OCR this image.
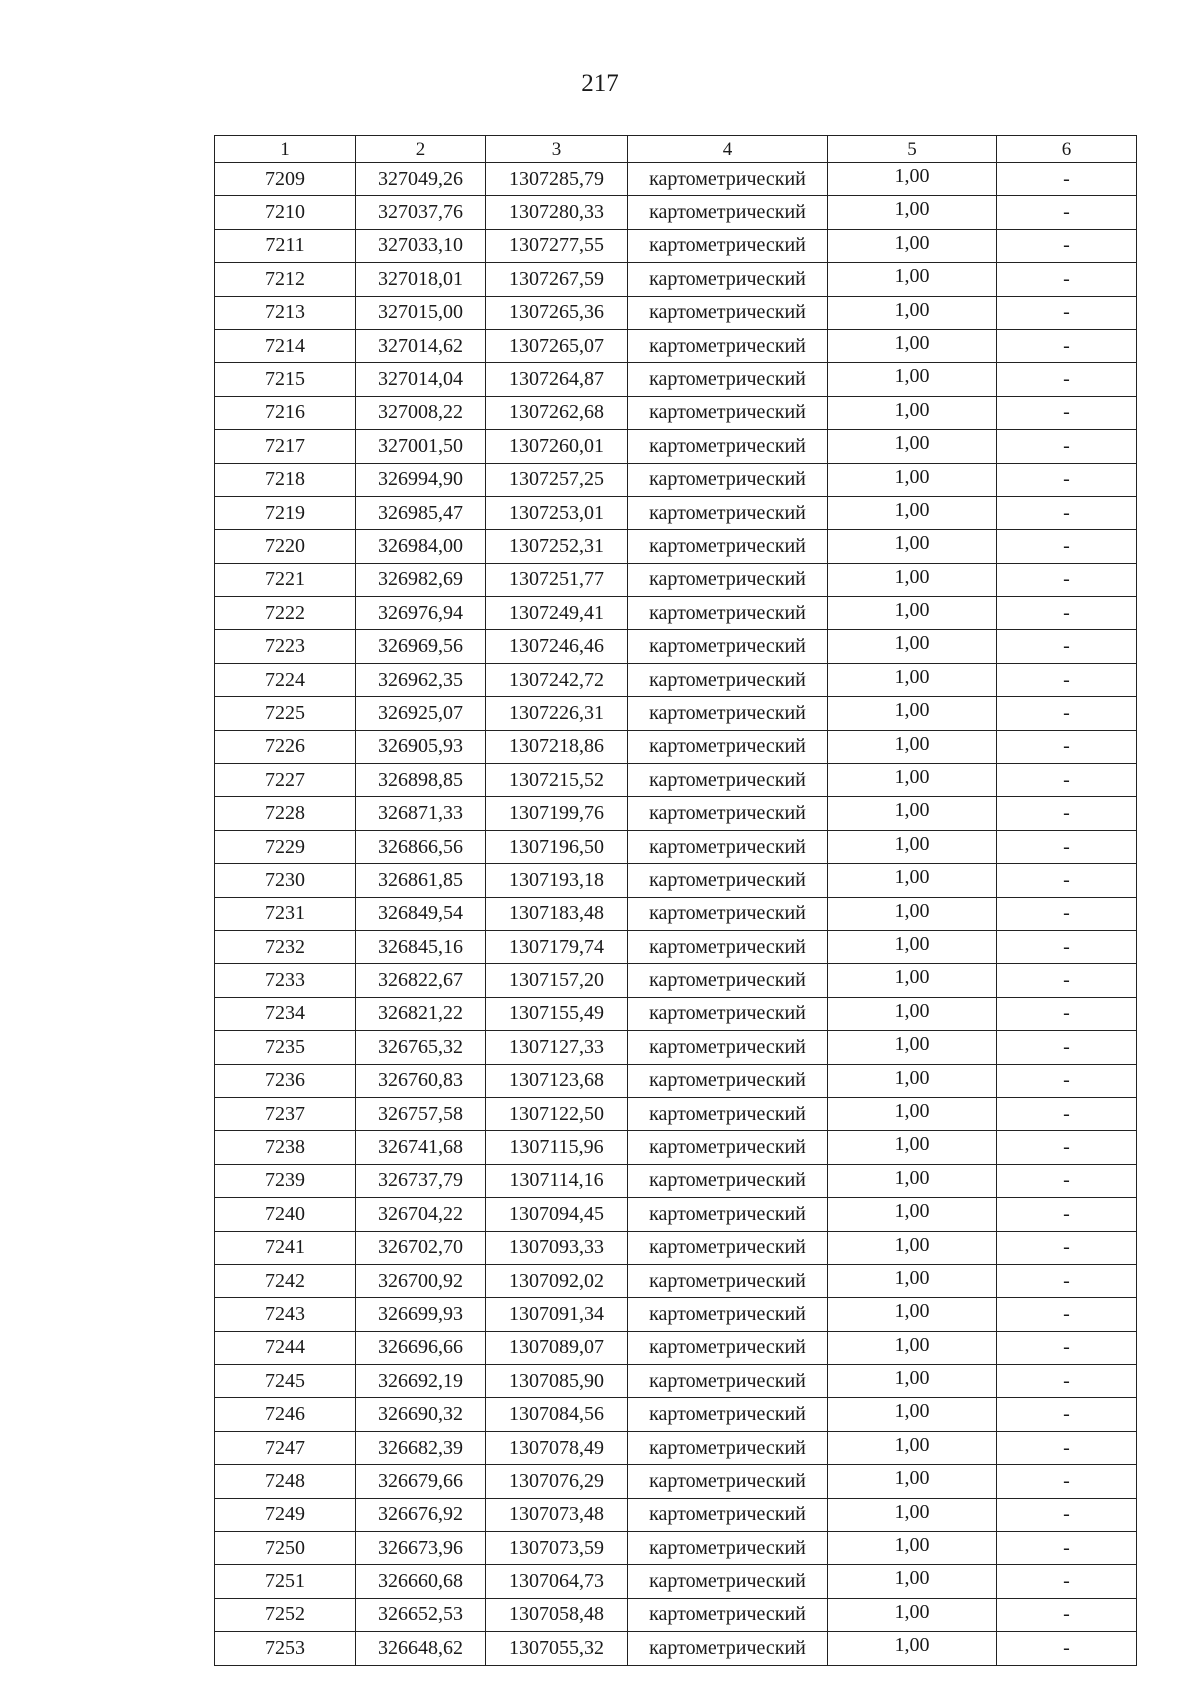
217
1	2	3	4	5	6
7209	327049,26	1307285,79	картометрический	1,00	-
7210	327037,76	1307280,33	картометрический	1,00	-
7211	327033,10	1307277,55	картометрический	1,00	-
7212	327018,01	1307267,59	картометрический	1,00	-
7213	327015,00	1307265,36	картометрический	1,00	-
7214	327014,62	1307265,07	картометрический	1,00	-
7215	327014,04	1307264,87	картометрический	1,00	-
7216	327008,22	1307262,68	картометрический	1,00	-
7217	327001,50	1307260,01	картометрический	1,00	-
7218	326994,90	1307257,25	картометрический	1,00	-
7219	326985,47	1307253,01	картометрический	1,00	-
7220	326984,00	1307252,31	картометрический	1,00	-
7221	326982,69	1307251,77	картометрический	1,00	-
7222	326976,94	1307249,41	картометрический	1,00	-
7223	326969,56	1307246,46	картометрический	1,00	-
7224	326962,35	1307242,72	картометрический	1,00	-
7225	326925,07	1307226,31	картометрический	1,00	-
7226	326905,93	1307218,86	картометрический	1,00	-
7227	326898,85	1307215,52	картометрический	1,00	-
7228	326871,33	1307199,76	картометрический	1,00	-
7229	326866,56	1307196,50	картометрический	1,00	-
7230	326861,85	1307193,18	картометрический	1,00	-
7231	326849,54	1307183,48	картометрический	1,00	-
7232	326845,16	1307179,74	картометрический	1,00	-
7233	326822,67	1307157,20	картометрический	1,00	-
7234	326821,22	1307155,49	картометрический	1,00	-
7235	326765,32	1307127,33	картометрический	1,00	-
7236	326760,83	1307123,68	картометрический	1,00	-
7237	326757,58	1307122,50	картометрический	1,00	-
7238	326741,68	1307115,96	картометрический	1,00	-
7239	326737,79	1307114,16	картометрический	1,00	-
7240	326704,22	1307094,45	картометрический	1,00	-
7241	326702,70	1307093,33	картометрический	1,00	-
7242	326700,92	1307092,02	картометрический	1,00	-
7243	326699,93	1307091,34	картометрический	1,00	-
7244	326696,66	1307089,07	картометрический	1,00	-
7245	326692,19	1307085,90	картометрический	1,00	-
7246	326690,32	1307084,56	картометрический	1,00	-
7247	326682,39	1307078,49	картометрический	1,00	-
7248	326679,66	1307076,29	картометрический	1,00	-
7249	326676,92	1307073,48	картометрический	1,00	-
7250	326673,96	1307073,59	картометрический	1,00	-
7251	326660,68	1307064,73	картометрический	1,00	-
7252	326652,53	1307058,48	картометрический	1,00	-
7253	326648,62	1307055,32	картометрический	1,00	-
